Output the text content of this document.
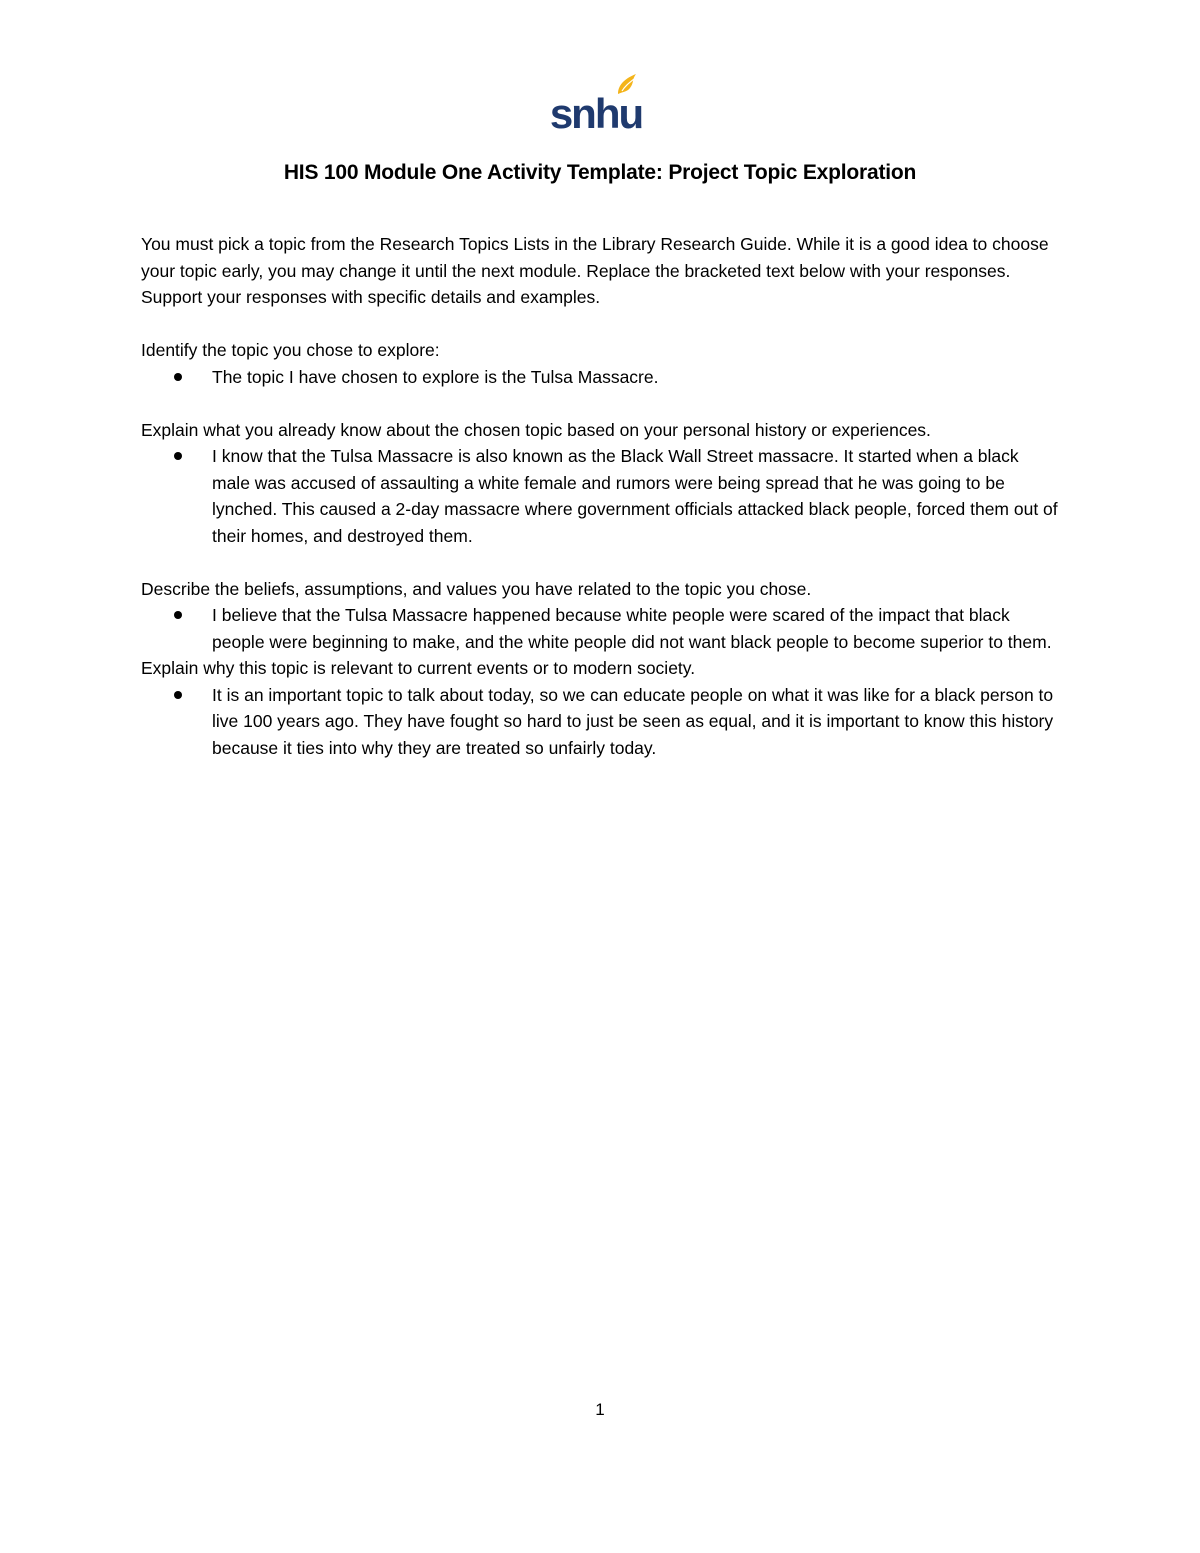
snhu
HIS 100 Module One Activity Template: Project Topic Exploration

You must pick a topic from the Research Topics Lists in the Library Research Guide. While it is a good idea to choose your topic early, you may change it until the next module. Replace the bracketed text below with your responses. Support your responses with specific details and examples.

Identify the topic you chose to explore:

The topic I have chosen to explore is the Tulsa Massacre.

Explain what you already know about the chosen topic based on your personal history or experiences.

I know that the Tulsa Massacre is also known as the Black Wall Street massacre. It started when a black male was accused of assaulting a white female and rumors were being spread that he was going to be lynched. This caused a 2-day massacre where government officials attacked black people, forced them out of their homes, and destroyed them.

Describe the beliefs, assumptions, and values you have related to the topic you chose.

I believe that the Tulsa Massacre happened because white people were scared of the impact that black people were beginning to make, and the white people did not want black people to become superior to them.

Explain why this topic is relevant to current events or to modern society.

It is an important topic to talk about today, so we can educate people on what it was like for a black person to live 100 years ago. They have fought so hard to just be seen as equal, and it is important to know this history because it ties into why they are treated so unfairly today.
1
